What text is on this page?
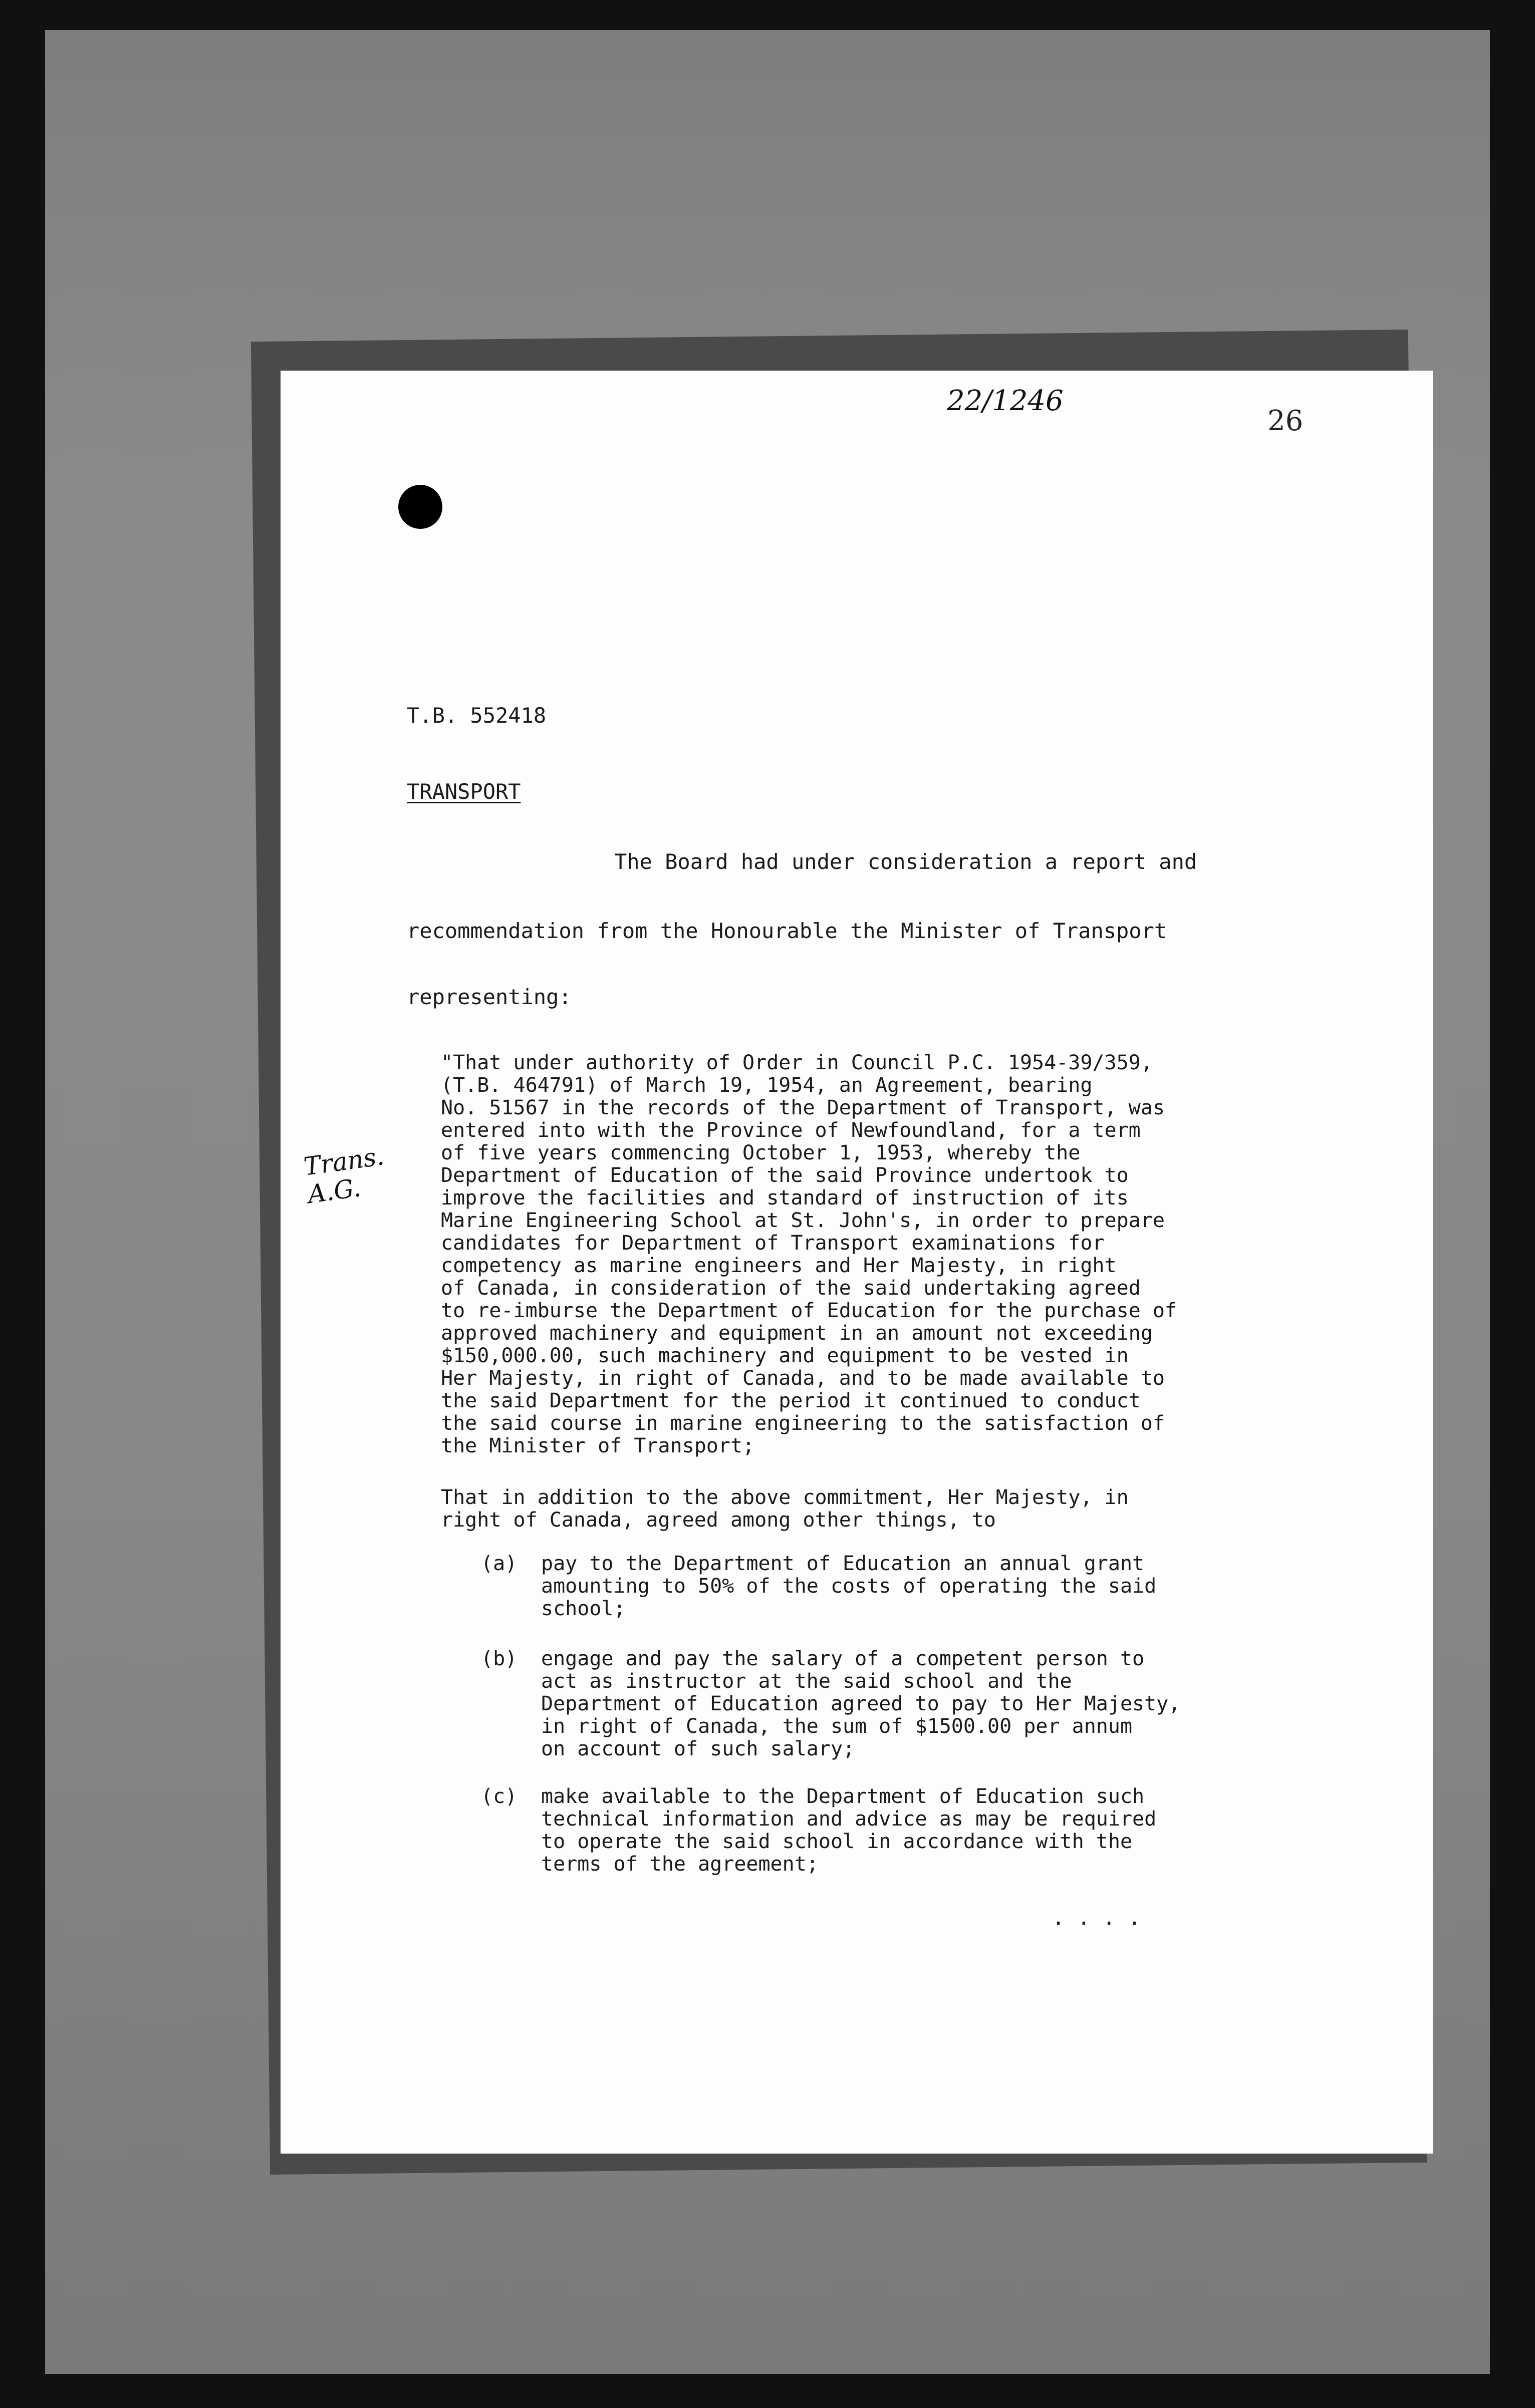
22/1246
26
T.B. 552418
TRANSPORT
The Board had under consideration a report and
recommendation from the Honourable the Minister of Transport
representing:
Trans. A.G.
"That under authority of Order in Council P.C. 1954-39/359,
(T.B. 464791) of March 19, 1954, an Agreement, bearing
No. 51567 in the records of the Department of Transport, was
entered into with the Province of Newfoundland, for a term
of five years commencing October 1, 1953, whereby the
Department of Education of the said Province undertook to
improve the facilities and standard of instruction of its
Marine Engineering School at St. John's, in order to prepare
candidates for Department of Transport examinations for
competency as marine engineers and Her Majesty, in right
of Canada, in consideration of the said undertaking agreed
to re-imburse the Department of Education for the purchase of
approved machinery and equipment in an amount not exceeding
$150,000.00, such machinery and equipment to be vested in
Her Majesty, in right of Canada, and to be made available to
the said Department for the period it continued to conduct
the said course in marine engineering to the satisfaction of
the Minister of Transport;
That in addition to the above commitment, Her Majesty, in
right of Canada, agreed among other things, to
(a) pay to the Department of Education an annual grant
amounting to 50% of the costs of operating the said
school;
(b) engage and pay the salary of a competent person to
act as instructor at the said school and the
Department of Education agreed to pay to Her Majesty,
in right of Canada, the sum of $1500.00 per annum
on account of such salary;
(c) make available to the Department of Education such
technical information and advice as may be required
to operate the said school in accordance with the
terms of the agreement;
. . . .
